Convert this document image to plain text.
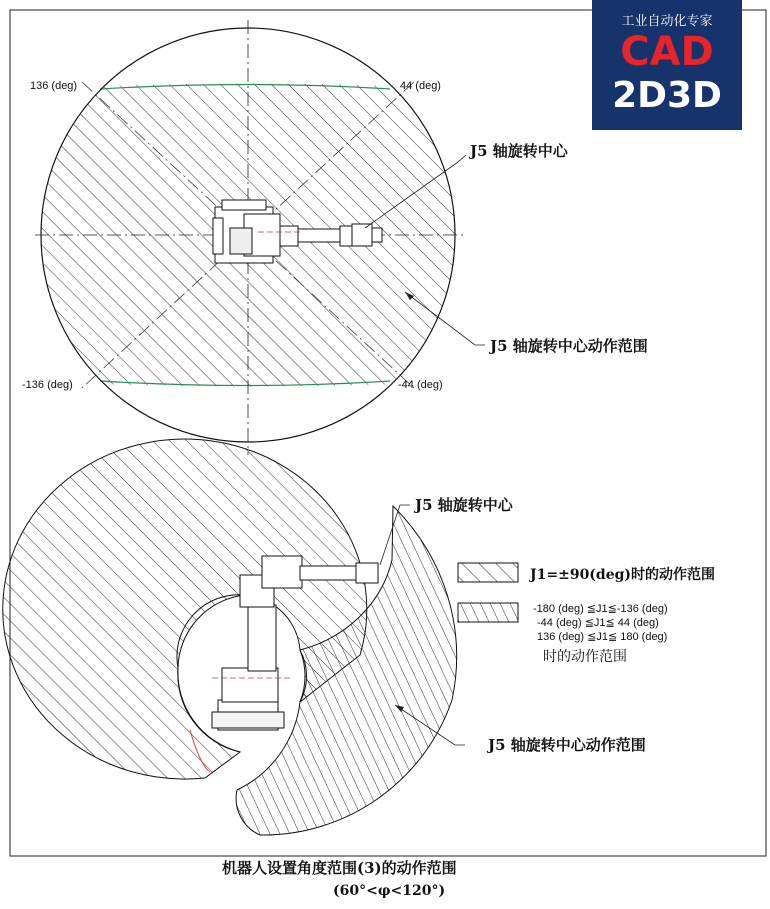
136 (deg)	44 (deg)
-136 (deg)	-44 (deg)
J5 轴旋转中心
J5 轴旋转中心动作范围
J5 轴旋转中心
J5 轴旋转中心动作范围
J1=±90(deg)时的动作范围
-180 (deg) ≦J1≦-136 (deg)
-44 (deg) ≦J1≦ 44 (deg)
136 (deg) ≦J1≦ 180 (deg)
时的动作范围
机器人设置角度范围(3)的动作范围
(60°<φ<120°)
工业自动化专家
CAD
2D3D
